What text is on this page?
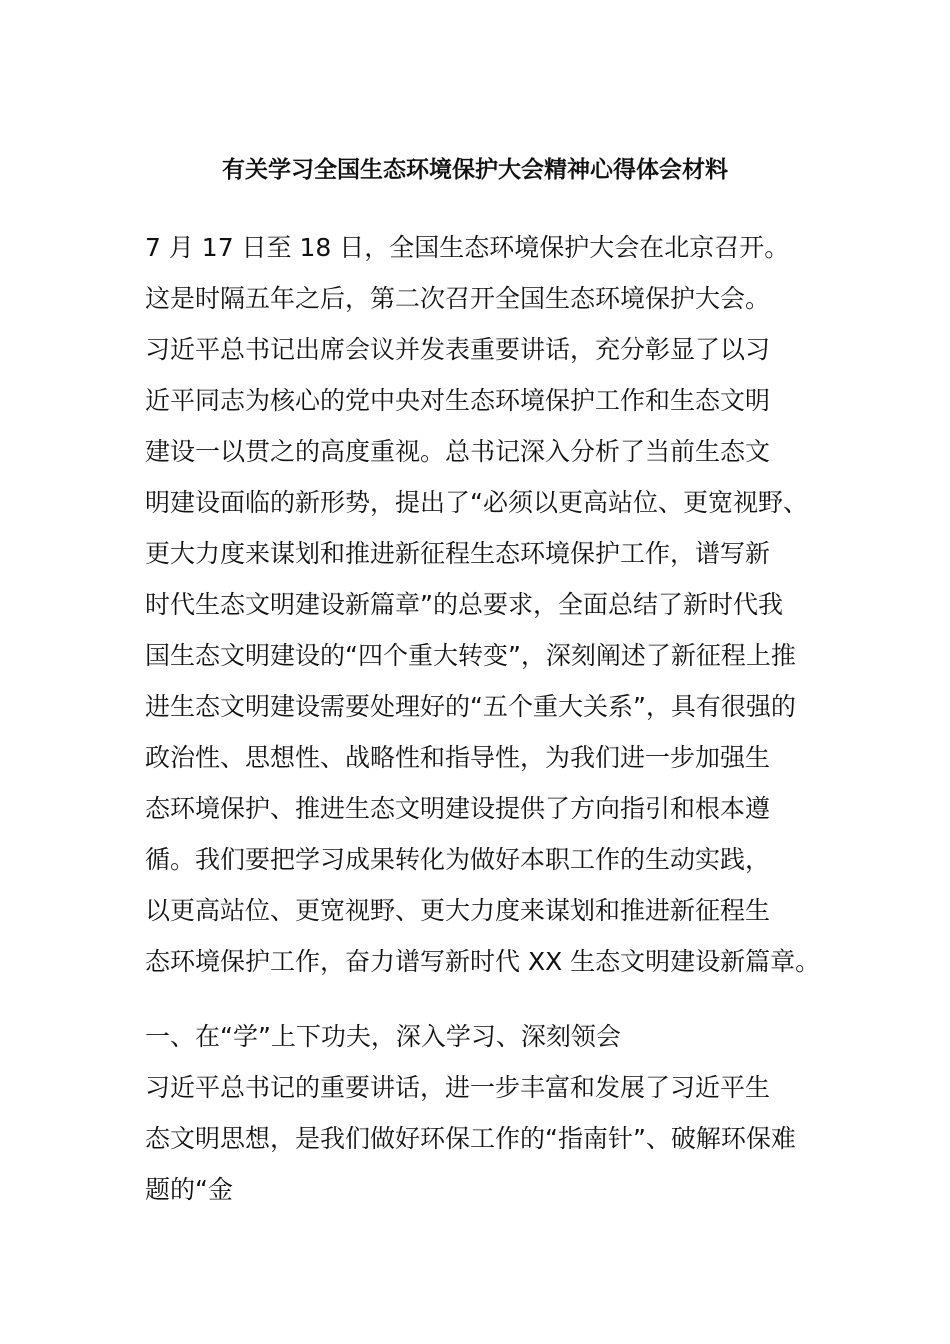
有关学习全国生态环境保护大会精神心得体会材料

7 月 17 日至 18 日，全国生态环境保护大会在北京召开。

这是时隔五年之后，第二次召开全国生态环境保护大会。

习近平总书记出席会议并发表重要讲话，充分彰显了以习

近平同志为核心的党中央对生态环境保护工作和生态文明

建设一以贯之的高度重视。总书记深入分析了当前生态文

明建设面临的新形势，提出了“必须以更高站位、更宽视野、

更大力度来谋划和推进新征程生态环境保护工作，谱写新

时代生态文明建设新篇章”的总要求，全面总结了新时代我

国生态文明建设的“四个重大转变”，深刻阐述了新征程上推

进生态文明建设需要处理好的“五个重大关系”，具有很强的

政治性、思想性、战略性和指导性，为我们进一步加强生

态环境保护、推进生态文明建设提供了方向指引和根本遵

循。我们要把学习成果转化为做好本职工作的生动实践，

以更高站位、更宽视野、更大力度来谋划和推进新征程生

态环境保护工作，奋力谱写新时代 XX 生态文明建设新篇章。

一、在“学”上下功夫，深入学习、深刻领会

习近平总书记的重要讲话，进一步丰富和发展了习近平生

态文明思想，是我们做好环保工作的“指南针”、破解环保难

题的“金
